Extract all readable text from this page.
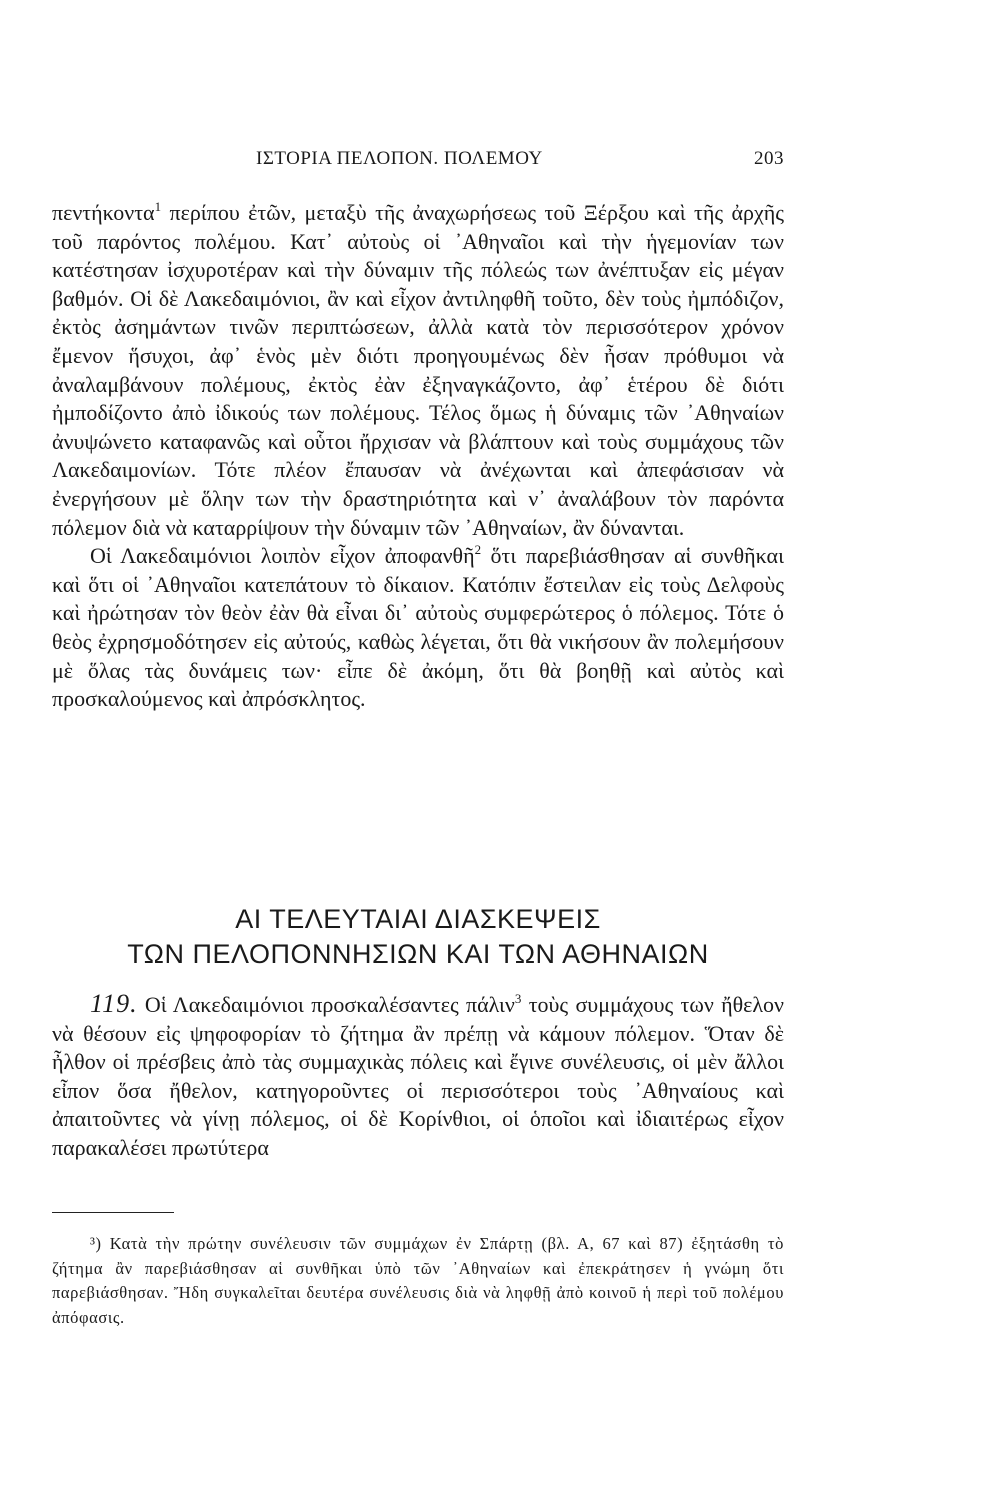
ΙΣΤΟΡΙΑ ΠΕΛΟΠΟΝ. ΠΟΛΕΜΟΥ	203
πεντήκοντα$^1$ περίπου ἐτῶν, μεταξὺ τῆς ἀναχωρήσεως τοῦ Ξέρξου καὶ τῆς ἀρχῆς τοῦ παρόντος πολέμου. Κατ᾽ αὐτοὺς οἱ ᾿Αθηναῖοι καὶ τὴν ἡγεμονίαν των κατέστησαν ἰσχυροτέραν καὶ τὴν δύναμιν τῆς πόλεώς των ἀνέπτυξαν εἰς μέγαν βαθμόν. Οἱ δὲ Λακεδαιμόνιοι, ἂν καὶ εἶχον ἀντιληφθῆ τοῦτο, δὲν τοὺς ἠμπόδιζον, ἐκτὸς ἀσημάντων τινῶν περιπτώσεων, ἀλλὰ κατὰ τὸν περισσότερον χρόνον ἔμενον ἥσυχοι, ἀφ᾽ ἑνὸς μὲν διότι προηγουμένως δὲν ἦσαν πρόθυμοι νὰ ἀναλαμβάνουν πολέμους, ἐκτὸς ἐὰν ἐξηναγκάζοντο, ἀφ᾽ ἑτέρου δὲ διότι ἠμποδίζοντο ἀπὸ ἰδικούς των πολέμους. Τέλος ὅμως ἡ δύναμις τῶν ᾿Αθηναίων ἀνυψώνετο καταφανῶς καὶ οὗτοι ἤρχισαν νὰ βλάπτουν καὶ τοὺς συμμάχους τῶν Λακεδαιμονίων. Τότε πλέον ἔπαυσαν νὰ ἀνέχωνται καὶ ἀπεφάσισαν νὰ ἐνεργήσουν μὲ ὅλην των τὴν δραστηριότητα καὶ ν᾽ ἀναλάβουν τὸν παρόντα πόλεμον διὰ νὰ καταρρίψουν τὴν δύναμιν τῶν ᾿Αθηναίων, ἂν δύνανται.
Οἱ Λακεδαιμόνιοι λοιπὸν εἶχον ἀποφανθῆ$^2$ ὅτι παρεβιάσθησαν αἱ συνθῆκαι καὶ ὅτι οἱ ᾿Αθηναῖοι κατεπάτουν τὸ δίκαιον. Κατόπιν ἔστειλαν εἰς τοὺς Δελφοὺς καὶ ἠρώτησαν τὸν θεὸν ἐὰν θὰ εἶναι δι᾽ αὐτοὺς συμφερώτερος ὁ πόλεμος. Τότε ὁ θεὸς ἐχρησμοδότησεν εἰς αὐτούς, καθὼς λέγεται, ὅτι θὰ νικήσουν ἂν πολεμήσουν μὲ ὅλας τὰς δυνάμεις των· εἶπε δὲ ἀκόμη, ὅτι θὰ βοηθῇ καὶ αὐτὸς καὶ προσκαλούμενος καὶ ἀπρόσκλητος.
ΑΙ ΤΕΛΕΥΤΑΙΑΙ ΔΙΑΣΚΕΨΕΙΣ
ΤΩΝ ΠΕΛΟΠΟΝΝΗΣΙΩΝ ΚΑΙ ΤΩΝ ΑΘΗΝΑΙΩΝ
119. Οἱ Λακεδαιμόνιοι προσκαλέσαντες πάλιν$^3$ τοὺς συμμάχους των ἤθελον νὰ θέσουν εἰς ψηφοφορίαν τὸ ζήτημα ἂν πρέπῃ νὰ κάμουν πόλεμον. Ὅταν δὲ ἦλθον οἱ πρέσβεις ἀπὸ τὰς συμμαχικὰς πόλεις καὶ ἔγινε συνέλευσις, οἱ μὲν ἄλλοι εἶπον ὅσα ἤθελον, κατηγοροῦντες οἱ περισσότεροι τοὺς ᾿Αθηναίους καὶ ἀπαιτοῦντες νὰ γίνῃ πόλεμος, οἱ δὲ Κορίνθιοι, οἱ ὁποῖοι καὶ ἰδιαιτέρως εἶχον παρακαλέσει πρωτύτερα
³) Κατὰ τὴν πρώτην συνέλευσιν τῶν συμμάχων ἐν Σπάρτῃ (βλ. Α, 67 καὶ 87) ἐξητάσθη τὸ ζήτημα ἂν παρεβιάσθησαν αἱ συνθῆκαι ὑπὸ τῶν ᾿Αθηναίων καὶ ἐπεκράτησεν ἡ γνώμη ὅτι παρεβιάσθησαν. Ἤδη συγκαλεῖται δευτέρα συνέλευσις διὰ νὰ ληφθῇ ἀπὸ κοινοῦ ἡ περὶ τοῦ πολέμου ἀπόφασις.
